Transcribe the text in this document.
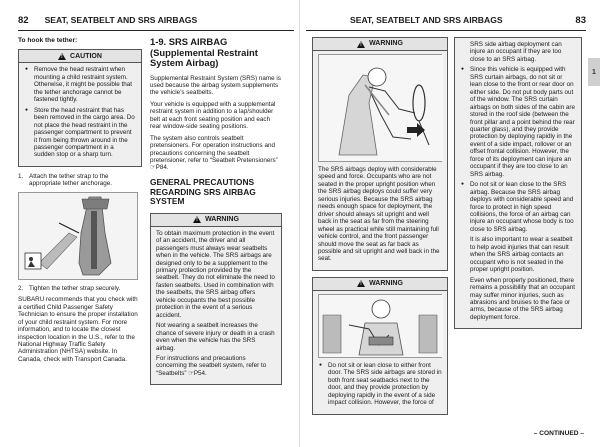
82 SEAT, SEATBELT AND SRS AIRBAGS
To hook the tether:
!
CAUTION
● Remove the head restraint when mounting a child restraint system. Otherwise, it might be possible that the tether anchorage cannot be fastened tightly.
● Store the head restraint that has been removed in the cargo area. Do not place the head restraint in the passenger compartment to prevent it from being thrown around in the passenger compartment in a sudden stop or a sharp turn.
1. Attach the tether strap to the appropriate tether anchorage.
2. Tighten the tether strap securely.

SUBARU recommends that you check with a certified Child Passenger Safety Technician to ensure the proper installation of your child restraint system. For more information, and to locate the closest inspection location in the U.S., refer to the National Highway Traffic Safety Administration (NHTSA) website. In Canada, check with Transport Canada.

1-9. SRS AIRBAG (Supplemental Restraint System Airbag)

Supplemental Restraint System (SRS) name is used because the airbag system supplements the vehicle’s seatbelts.

Your vehicle is equipped with a supplemental restraint system in addition to a lap/shoulder belt at each front seating position and each rear window-side seating positions.

The system also controls seatbelt pretensioners. For operation instructions and precautions concerning the seatbelt pretensioner, refer to “Seatbelt Pretensioners” ☞P84.

GENERAL PRECAUTIONS REGARDING SRS AIRBAG SYSTEM
!
WARNING

To obtain maximum protection in the event of an accident, the driver and all passengers must always wear seatbelts when in the vehicle. The SRS airbags are designed only to be a supplement to the primary protection provided by the seatbelt. They do not eliminate the need to fasten seatbelts. Used in combination with the seatbelts, the SRS airbag offers vehicle occupants the best possible protection in the event of a serious accident.

Not wearing a seatbelt increases the chance of severe injury or death in a crash even when the vehicle has the SRS airbag.

For instructions and precautions concerning the seatbelt system, refer to “Seatbelts” ☞P54.

SEAT, SEATBELT AND SRS AIRBAGS	83
1
!
WARNING

The SRS airbags deploy with considerable speed and force. Occupants who are not seated in the proper upright position when the SRS airbag deploys could suffer very serious injuries. Because the SRS airbag needs enough space for deployment, the driver should always sit upright and well back in the seat as far from the steering wheel as practical while still maintaining full vehicle control, and the front passenger should move the seat as far back as possible and sit upright and well back in the seat.

!
WARNING
● Do not sit or lean close to either front door. The SRS side airbags are stored in both front seat seatbacks next to the door, and they provide protection by deploying rapidly in the event of a side impact collision. However, the force of

SRS side airbag deployment can injure an occupant if they are too close to an SRS airbag.

● Since this vehicle is equipped with SRS curtain airbags, do not sit or lean close to the front or rear door on either side. Do not put body parts out of the window. The SRS curtain airbags on both sides of the cabin are stored in the roof side (between the front pillar and a point behind the rear quarter glass), and they provide protection by deploying rapidly in the event of a side impact, rollover or an offset frontal collision. However, the force of its deployment can injure an occupant if they are too close to an SRS airbag.
● Do not sit or lean close to the SRS airbag. Because the SRS airbag deploys with considerable speed and force to protect in high speed collisions, the force of an airbag can injure an occupant whose body is too close to SRS airbag.

It is also important to wear a seatbelt to help avoid injuries that can result when the SRS airbag contacts an occupant who is not seated in the proper upright position.

Even when properly positioned, there remains a possibility that an occupant may suffer minor injuries, such as abrasions and bruises to the face or arms, because of the SRS airbag deployment force.

– CONTINUED –
